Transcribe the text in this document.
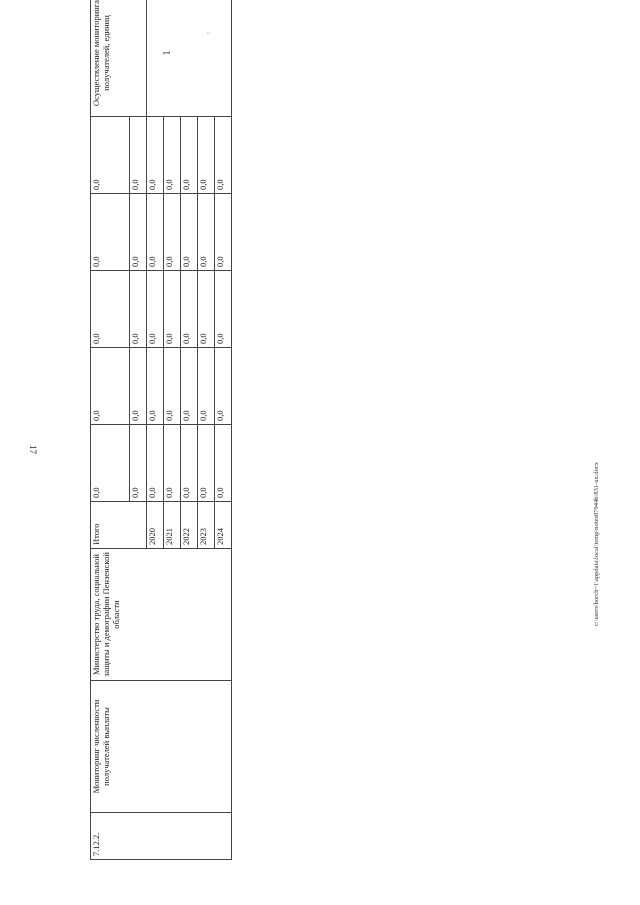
17
" '
c:\users\borch~1\appdata\local\temp\notes87944b\831-un.docx
7.12.2.	Мониторинг численности получателей выплаты	Министерство труда, социальной защиты и демографии Пензенской области	Итого	0,0	0,0	0,0	0,0	0,0	Осуществление мониторинга получателей, единиц	
				0,0	0,0	0,0	0,0	0,0		
			2020	0,0	0,0	0,0	0,0	0,0	1	

			2021	0,0	0,0	0,0	0,0	0,0		
			2022	0,0	0,0	0,0	0,0	0,0		
			2023	0,0	0,0	0,0	0,0	0,0		
			2024	0,0	0,0	0,0	0,0	0,0		
